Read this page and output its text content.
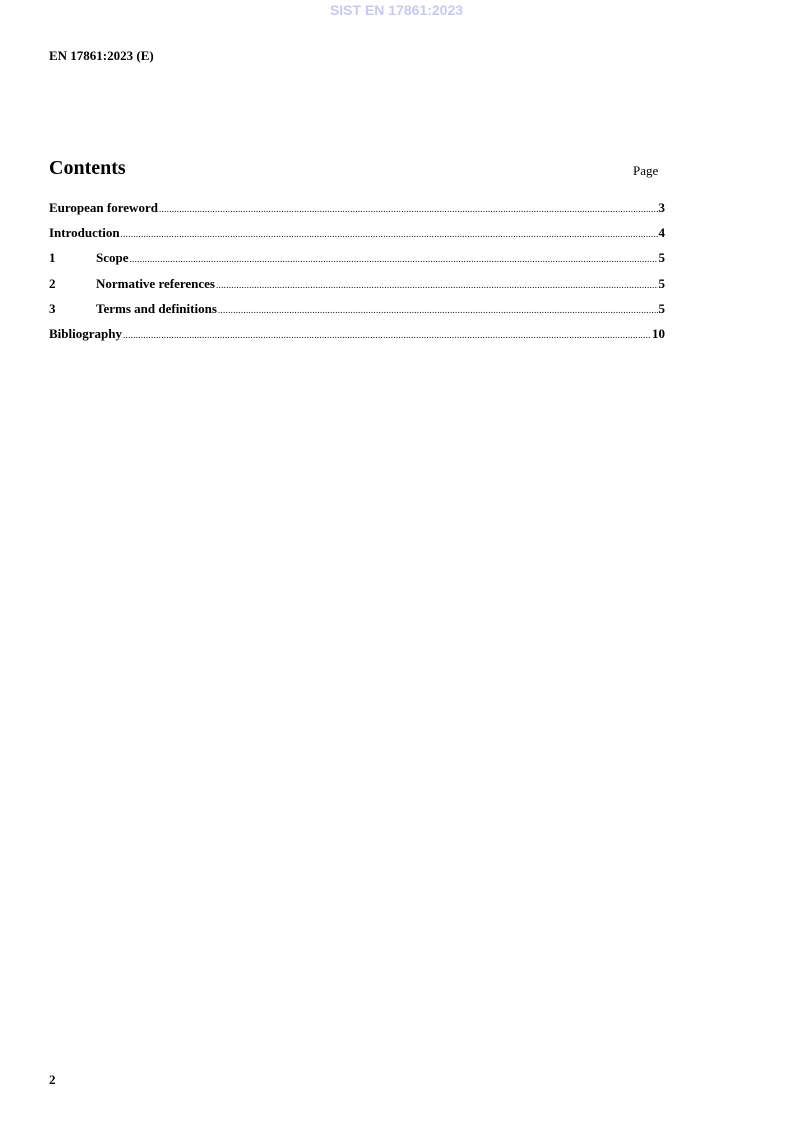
SIST EN 17861:2023
EN 17861:2023 (E)
Contents	Page
European foreword .....	3
Introduction .....	4
1	Scope .....	5
2	Normative references .....	5
3	Terms and definitions .....	5
Bibliography .....	10
2
